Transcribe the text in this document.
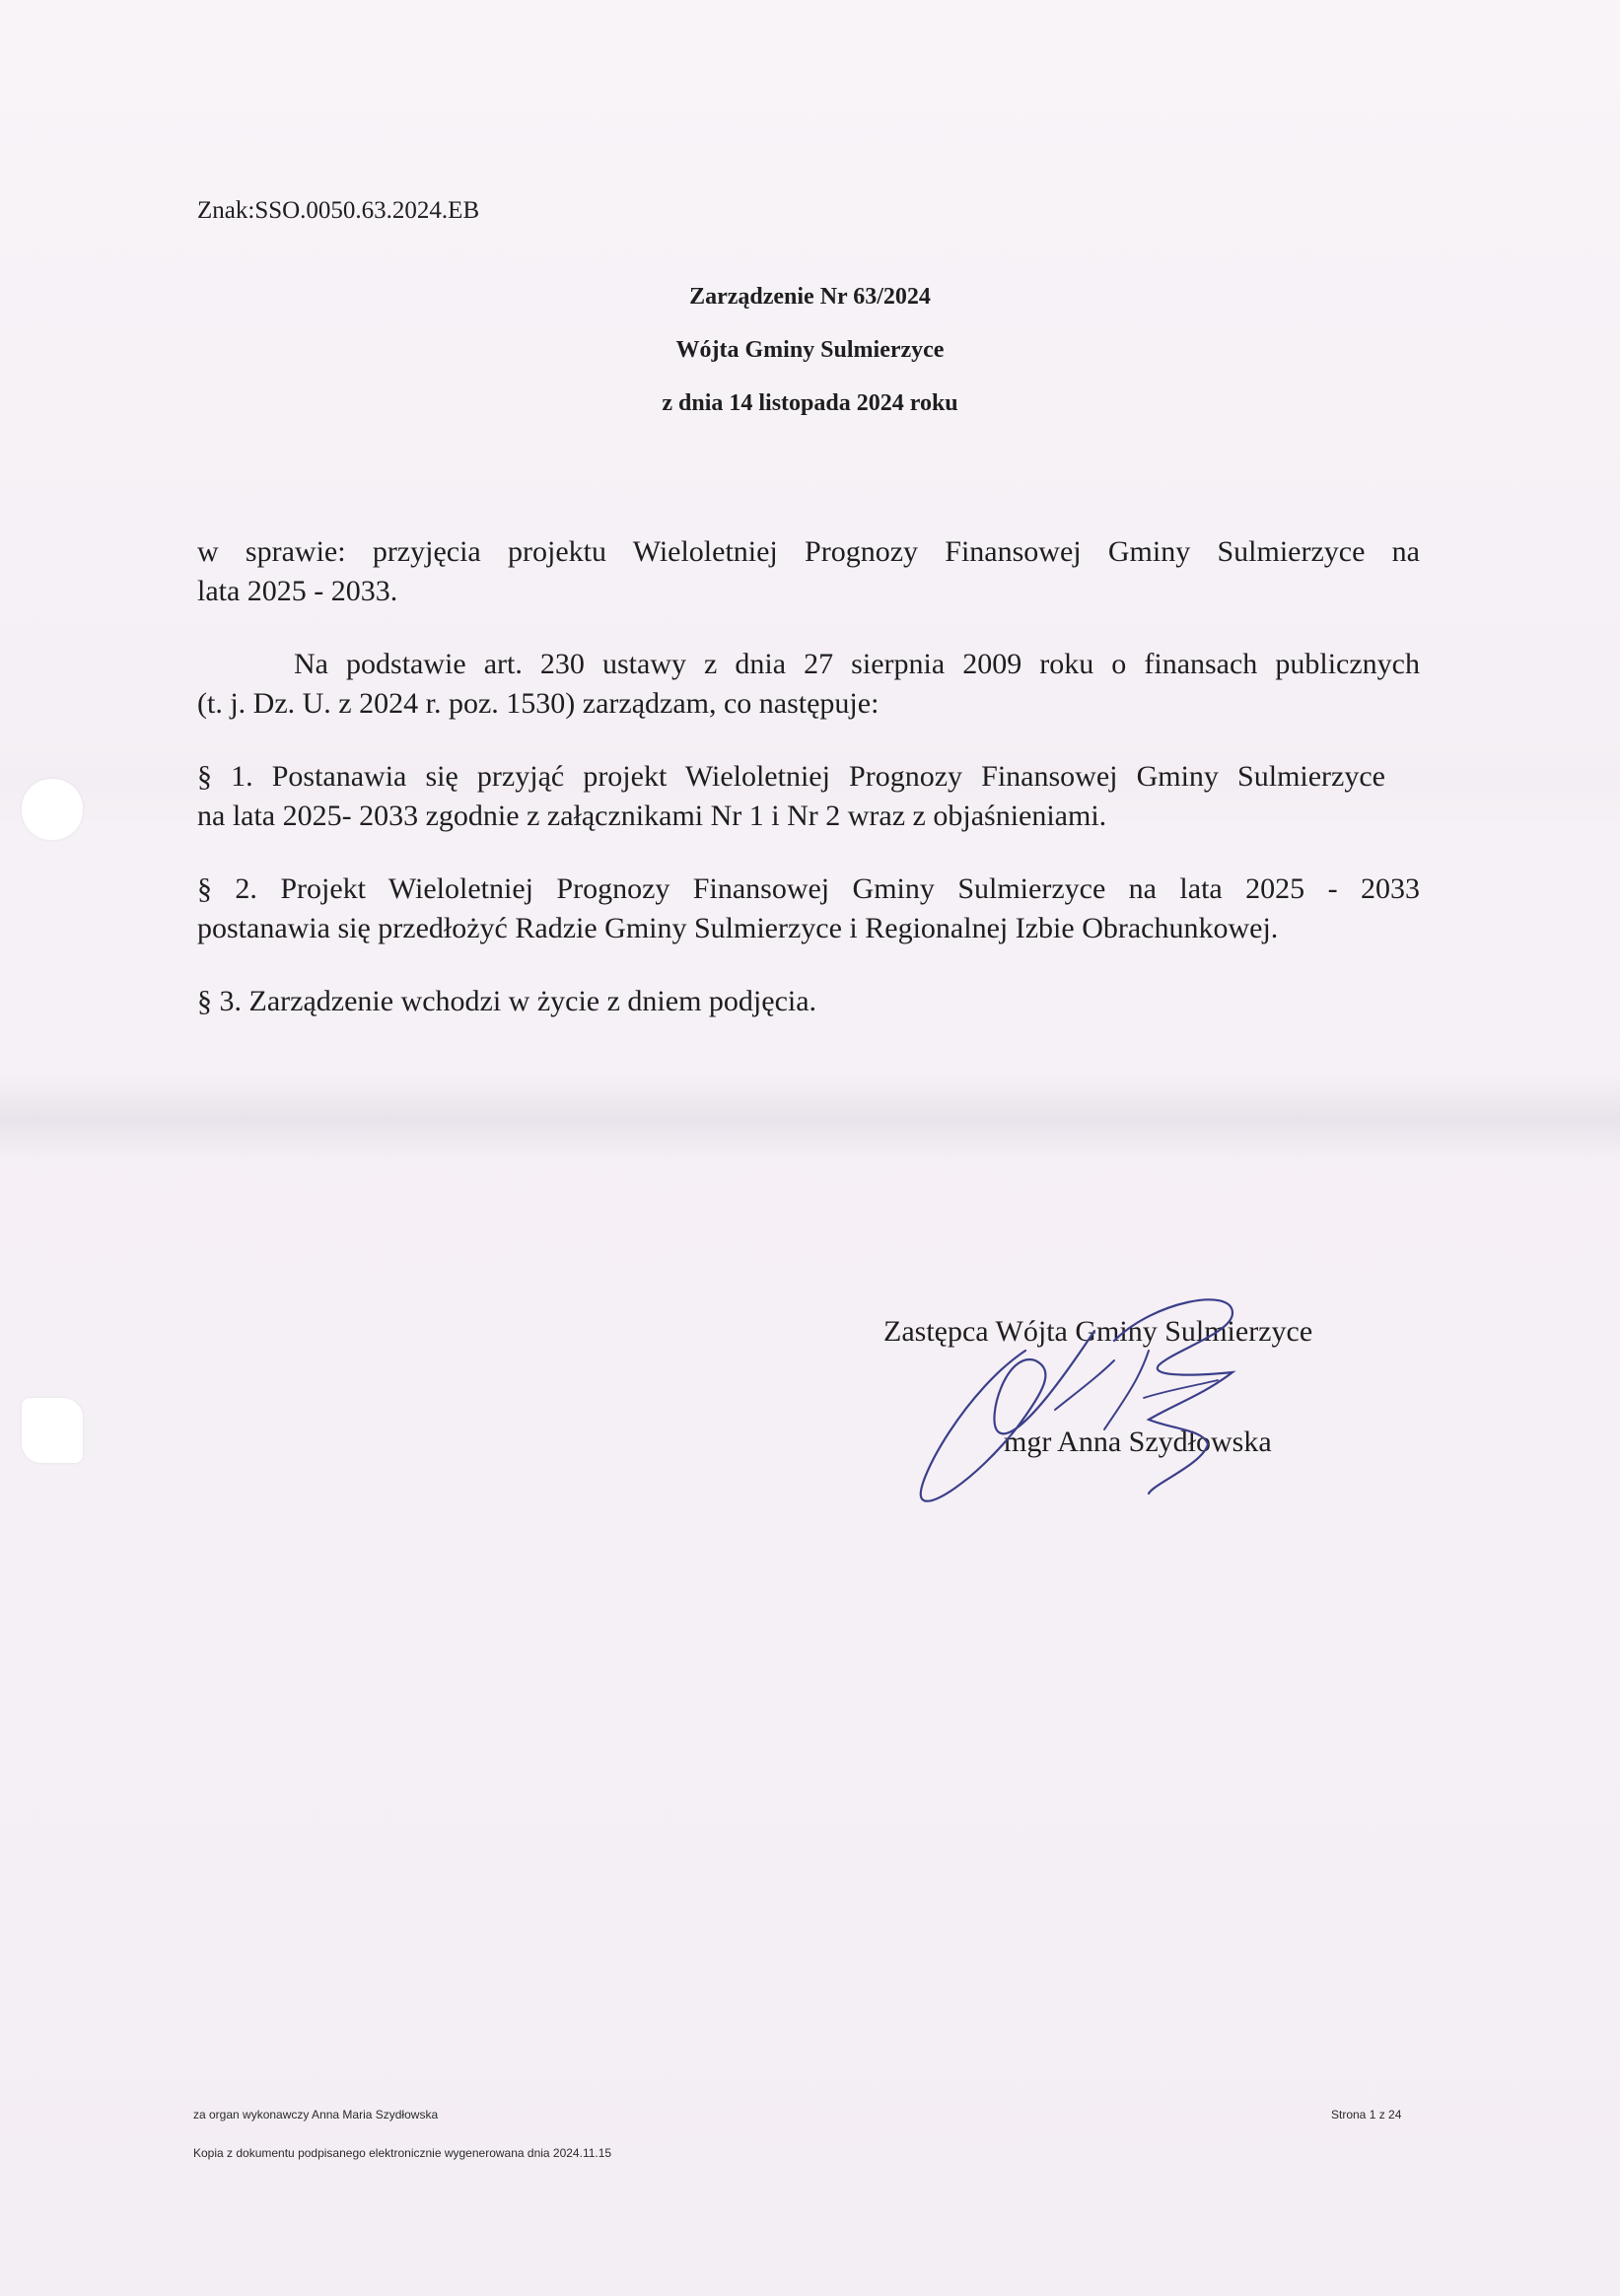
Znak:SSO.0050.63.2024.EB
Zarządzenie Nr 63/2024
Wójta Gminy Sulmierzyce
z dnia 14 listopada 2024 roku
w sprawie: przyjęcia projektu Wieloletniej Prognozy Finansowej Gminy Sulmierzyce na
lata 2025 - 2033.
Na podstawie art. 230 ustawy z dnia 27 sierpnia 2009 roku o finansach publicznych
(t. j. Dz. U. z 2024 r. poz. 1530) zarządzam, co następuje:
§ 1. Postanawia się przyjąć projekt Wieloletniej Prognozy Finansowej Gminy Sulmierzyce
na lata 2025- 2033 zgodnie z załącznikami Nr 1 i Nr 2 wraz z objaśnieniami.
§ 2. Projekt Wieloletniej Prognozy Finansowej Gminy Sulmierzyce na lata 2025 - 2033
postanawia się przedłożyć Radzie Gminy Sulmierzyce i Regionalnej Izbie Obrachunkowej.
§ 3. Zarządzenie wchodzi w życie z dniem podjęcia.
Zastępca Wójta Gminy Sulmierzyce
mgr Anna Szydłowska
za organ wykonawczy Anna Maria Szydłowska	Strona 1 z 24
Kopia z dokumentu podpisanego elektronicznie wygenerowana dnia 2024.11.15
